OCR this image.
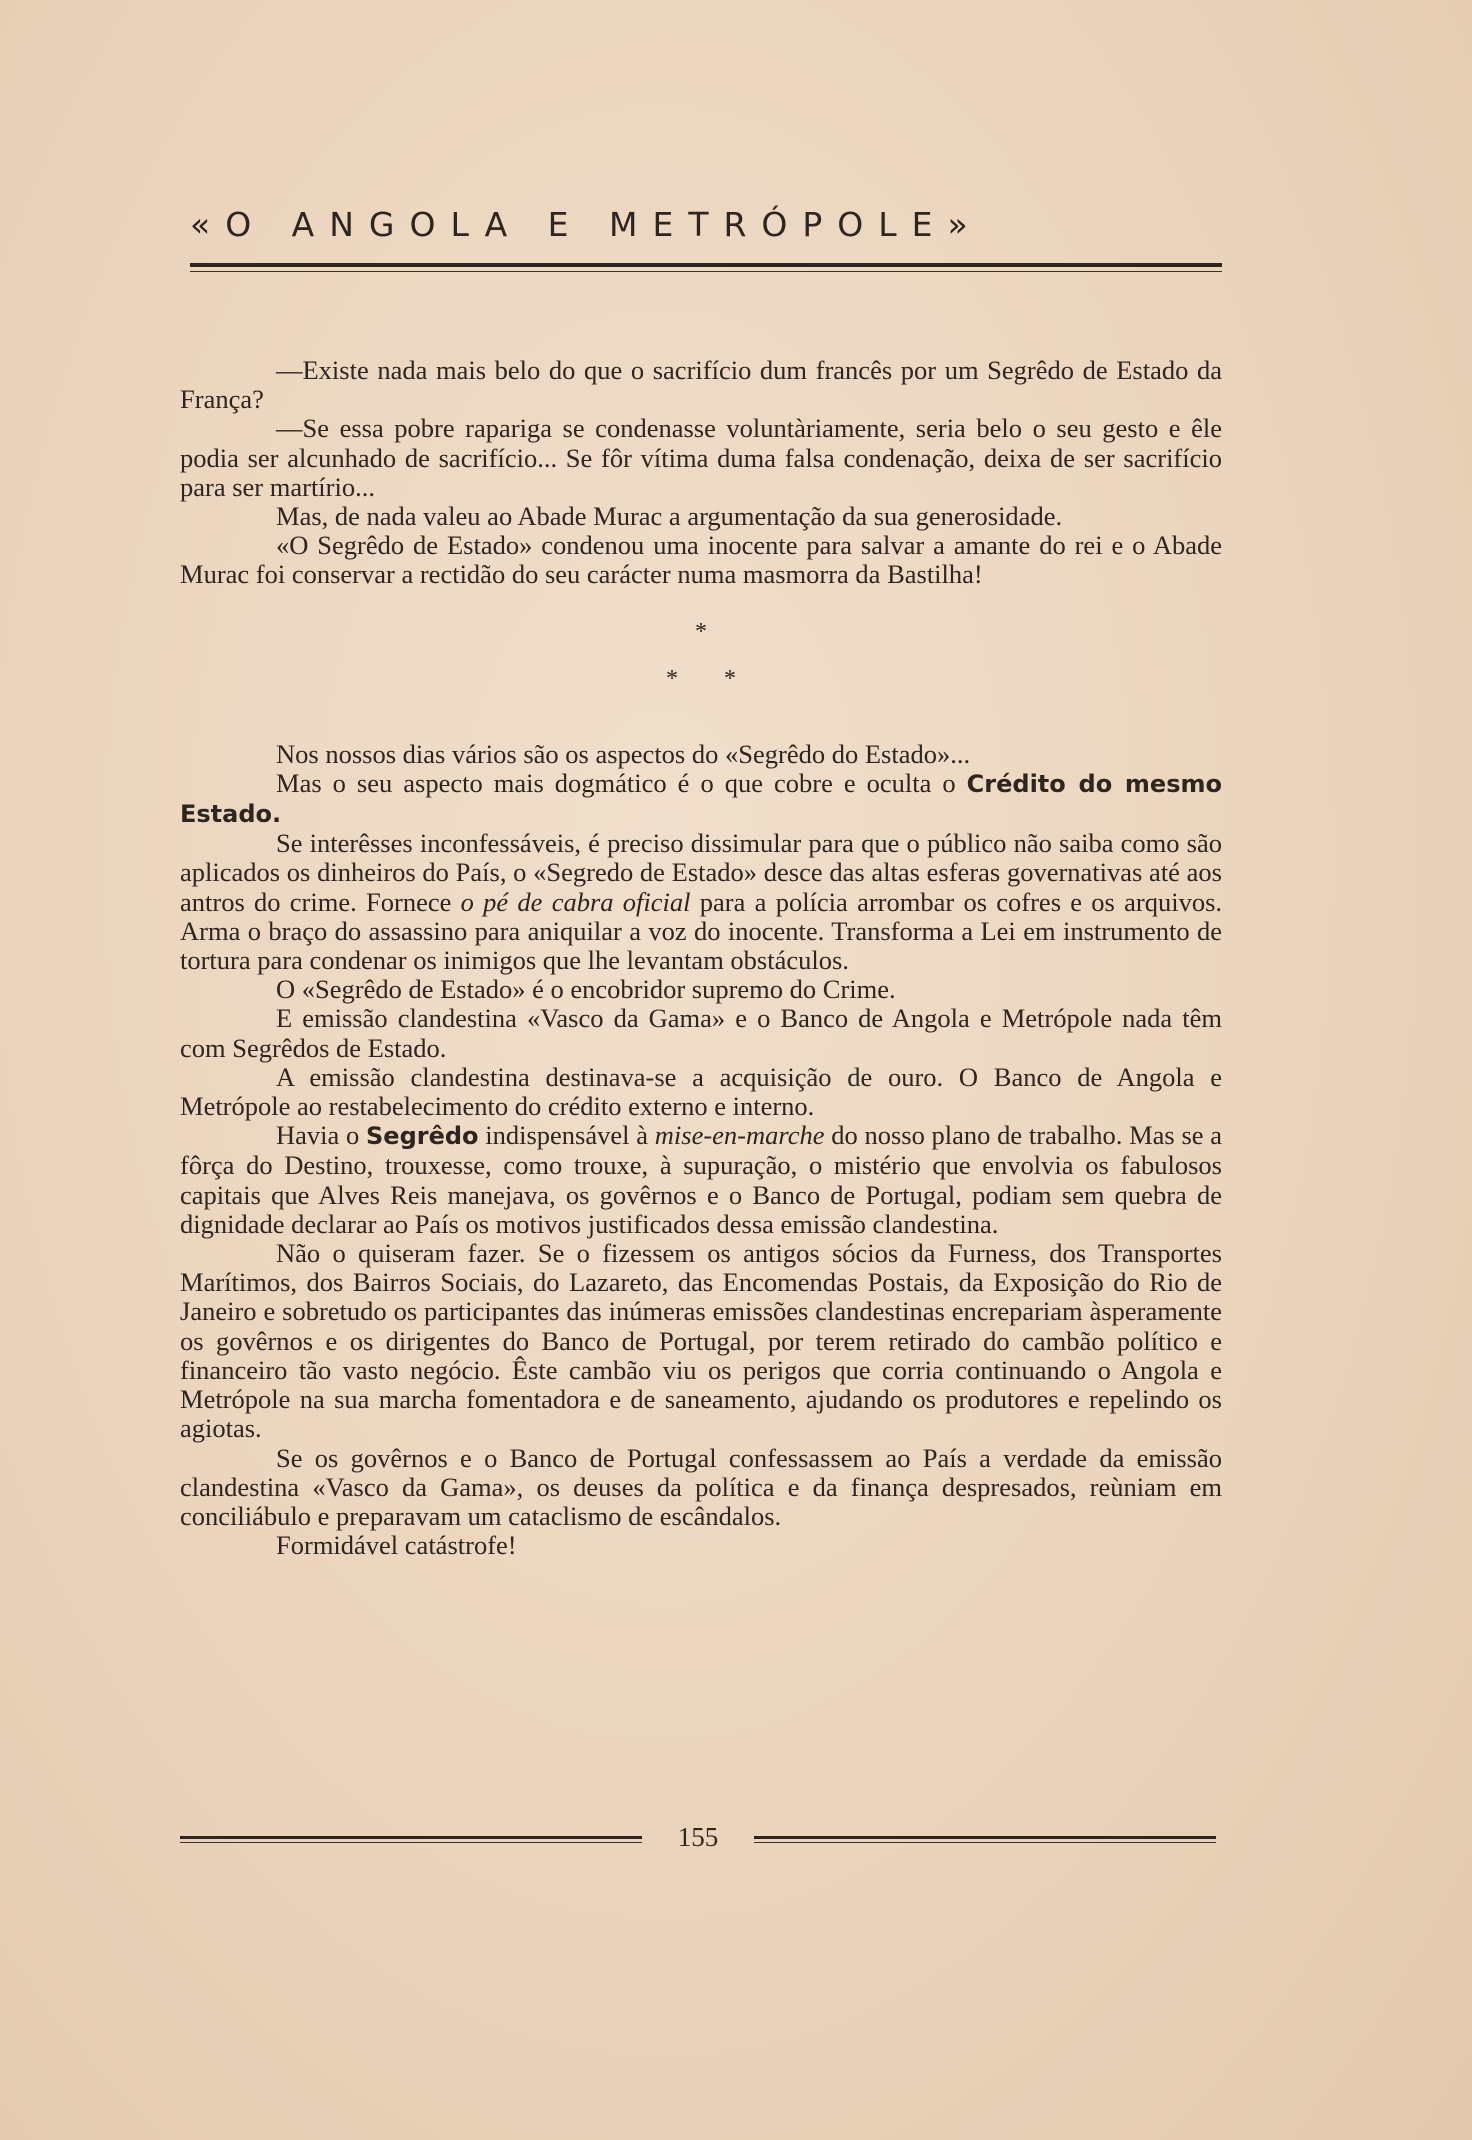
«O ANGOLA E METRÓPOLE»

—Existe nada mais belo do que o sacrifício dum francês por um Segrêdo de Estado da França?

—Se essa pobre rapariga se condenasse voluntàriamente, seria belo o seu gesto e êle podia ser alcunhado de sacrifício... Se fôr vítima duma falsa condenação, deixa de ser sacrifício para ser martírio...

Mas, de nada valeu ao Abade Murac a argumentação da sua generosidade.

«O Segrêdo de Estado» condenou uma inocente para salvar a amante do rei e o Abade Murac foi conservar a rectidão do seu carácter numa masmorra da Bastilha!

*

* *

Nos nossos dias vários são os aspectos do «Segrêdo do Estado»...

Mas o seu aspecto mais dogmático é o que cobre e oculta o Crédito do mesmo Estado.

Se interêsses inconfessáveis, é preciso dissimular para que o público não saiba como são aplicados os dinheiros do País, o «Segredo de Estado» desce das altas esferas governativas até aos antros do crime. Fornece o pé de cabra oficial para a polícia arrombar os cofres e os arquivos. Arma o braço do assassino para aniquilar a voz do inocente. Transforma a Lei em instrumento de tortura para condenar os inimigos que lhe levantam obstáculos.

O «Segrêdo de Estado» é o encobridor supremo do Crime.

E emissão clandestina «Vasco da Gama» e o Banco de Angola e Metrópole nada têm com Segrêdos de Estado.

A emissão clandestina destinava-se a acquisição de ouro. O Banco de Angola e Metrópole ao restabelecimento do crédito externo e interno.

Havia o Segrêdo indispensável à mise-en-marche do nosso plano de trabalho. Mas se a fôrça do Destino, trouxesse, como trouxe, à supuração, o mistério que envolvia os fabulosos capitais que Alves Reis manejava, os govêrnos e o Banco de Portugal, podiam sem quebra de dignidade declarar ao País os motivos justificados dessa emissão clandestina.

Não o quiseram fazer. Se o fizessem os antigos sócios da Furness, dos Transportes Marítimos, dos Bairros Sociais, do Lazareto, das Encomendas Postais, da Exposição do Rio de Janeiro e sobretudo os participantes das inúmeras emissões clandestinas encrepariam àsperamente os govêrnos e os dirigentes do Banco de Portugal, por terem retirado do cambão político e financeiro tão vasto negócio. Êste cambão viu os perigos que corria continuando o Angola e Metrópole na sua marcha fomentadora e de saneamento, ajudando os produtores e repelindo os agiotas.

Se os govêrnos e o Banco de Portugal confessassem ao País a verdade da emissão clandestina «Vasco da Gama», os deuses da política e da finança despresados, reùniam em conciliábulo e preparavam um cataclismo de escândalos.

Formidável catástrofe!

155
